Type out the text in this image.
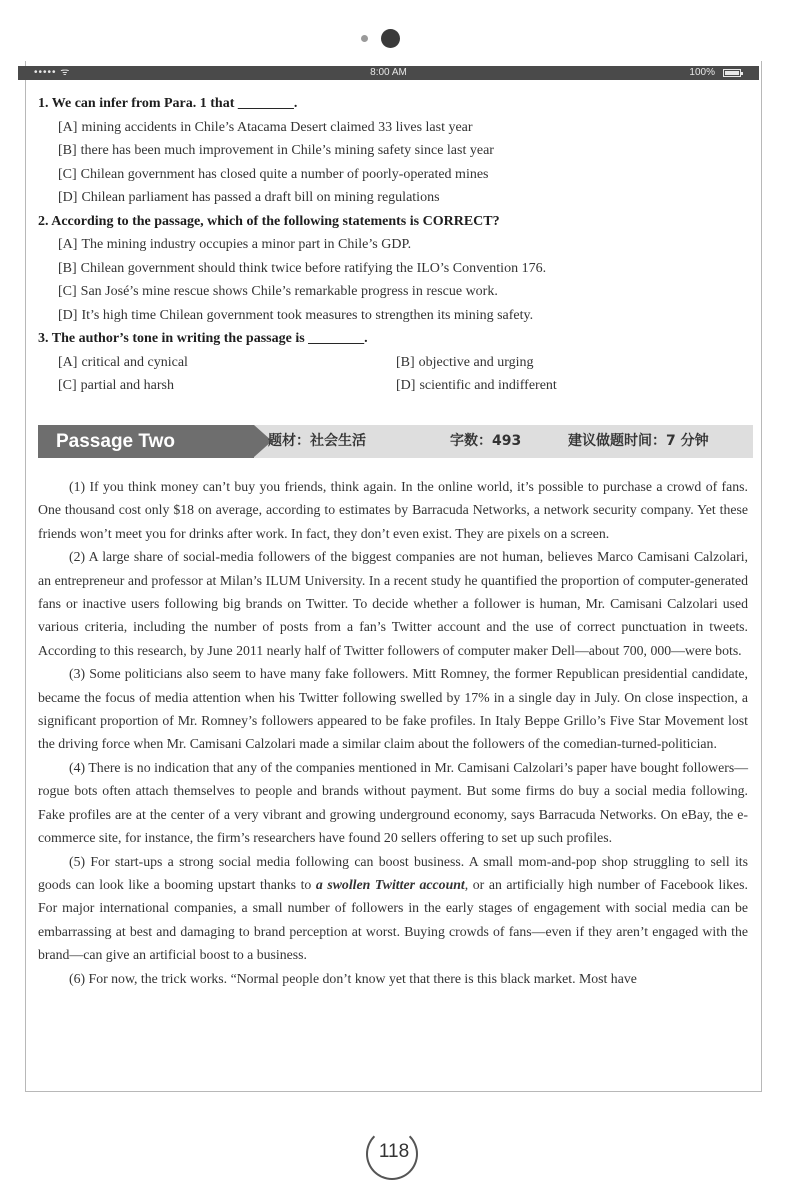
••••• ᯤ	8:00 AM	100%
1. We can infer from Para. 1 that ________.
[A] mining accidents in Chile’s Atacama Desert claimed 33 lives last year
[B] there has been much improvement in Chile’s mining safety since last year
[C] Chilean government has closed quite a number of poorly-operated mines
[D] Chilean parliament has passed a draft bill on mining regulations
2. According to the passage, which of the following statements is CORRECT?
[A] The mining industry occupies a minor part in Chile’s GDP.
[B] Chilean government should think twice before ratifying the ILO’s Convention 176.
[C] San José’s mine rescue shows Chile’s remarkable progress in rescue work.
[D] It’s high time Chilean government took measures to strengthen its mining safety.
3. The author’s tone in writing the passage is ________.
[A] critical and cynical	[B] objective and urging
[C] partial and harsh	[D] scientific and indifferent
Passage Two	题材：社会生活	字数：493	建议做题时间：7 分钟

(1) If you think money can’t buy you friends, think again. In the online world, it’s possible to purchase a crowd of fans. One thousand cost only $18 on average, according to estimates by Barracuda Networks, a network security company. Yet these friends won’t meet you for drinks after work. In fact, they don’t even exist. They are pixels on a screen.

(2) A large share of social-media followers of the biggest companies are not human, believes Marco Camisani Calzolari, an entrepreneur and professor at Milan’s ILUM University. In a recent study he quantified the proportion of computer-generated fans or inactive users following big brands on Twitter. To decide whether a follower is human, Mr. Camisani Calzolari used various criteria, including the number of posts from a fan’s Twitter account and the use of correct punctuation in tweets. According to this research, by June 2011 nearly half of Twitter followers of computer maker Dell—about 700, 000—were bots.

(3) Some politicians also seem to have many fake followers. Mitt Romney, the former Republican presidential candidate, became the focus of media attention when his Twitter following swelled by 17% in a single day in July. On close inspection, a significant proportion of Mr. Romney’s followers appeared to be fake profiles. In Italy Beppe Grillo’s Five Star Movement lost the driving force when Mr. Camisani Calzolari made a similar claim about the followers of the comedian-turned-politician.

(4) There is no indication that any of the companies mentioned in Mr. Camisani Calzolari’s paper have bought followers—rogue bots often attach themselves to people and brands without payment. But some firms do buy a social media following. Fake profiles are at the center of a very vibrant and growing underground economy, says Barracuda Networks. On eBay, the e-commerce site, for instance, the firm’s researchers have found 20 sellers offering to set up such profiles.

(5) For start-ups a strong social media following can boost business. A small mom-and-pop shop struggling to sell its goods can look like a booming upstart thanks to a swollen Twitter account, or an artificially high number of Facebook likes. For major international companies, a small number of followers in the early stages of engagement with social media can be embarrassing at best and damaging to brand perception at worst. Buying crowds of fans—even if they aren’t engaged with the brand—can give an artificial boost to a business.

(6) For now, the trick works. “Normal people don’t know yet that there is this black market. Most have

118
